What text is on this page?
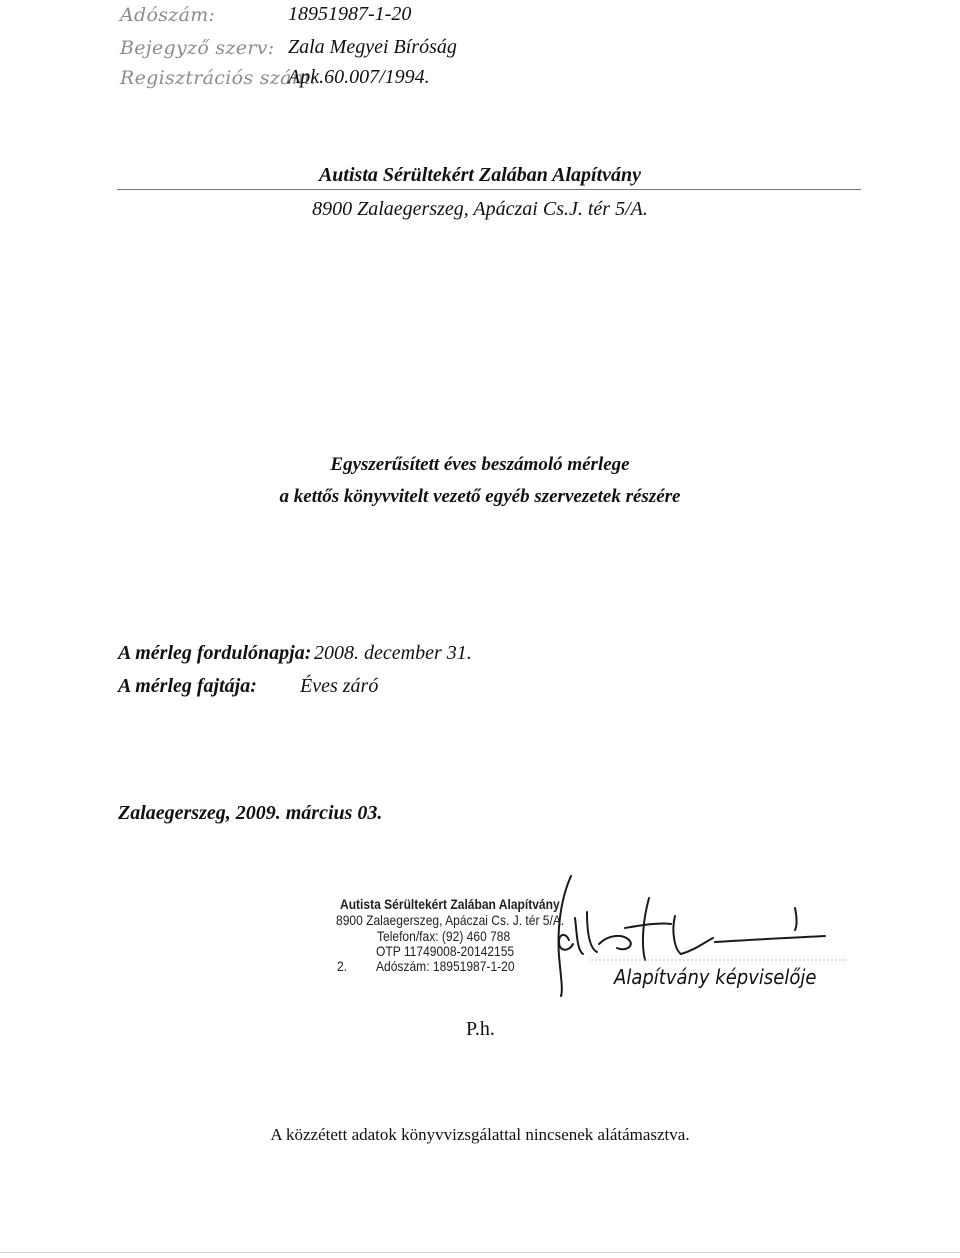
Adószám:	18951987-1-20
Bejegyző szerv: Zala Megyei Bíróság
Regisztrációs szám:
Apk.60.007/1994.
Autista Sérültekért Zalában Alapítvány
8900 Zalaegerszeg, Apáczai Cs.J. tér 5/A.
Egyszerűsített éves beszámoló mérlege
a kettős könyvvitelt vezető egyéb szervezetek részére
A mérleg fordulónapja: 2008. december 31.
A mérleg fajtája: Éves záró
Zalaegerszeg, 2009. március 03.
Autista Sérültekért Zalában Alapítvány
8900 Zalaegerszeg, Apáczai Cs. J. tér 5/A.
Telefon/fax: (92) 460 788
OTP 11749008-20142155
2. Adószám: 18951987-1-20	Alapítvány képviselője
P.h.
A közzétett adatok könyvvizsgálattal nincsenek alátámasztva.
